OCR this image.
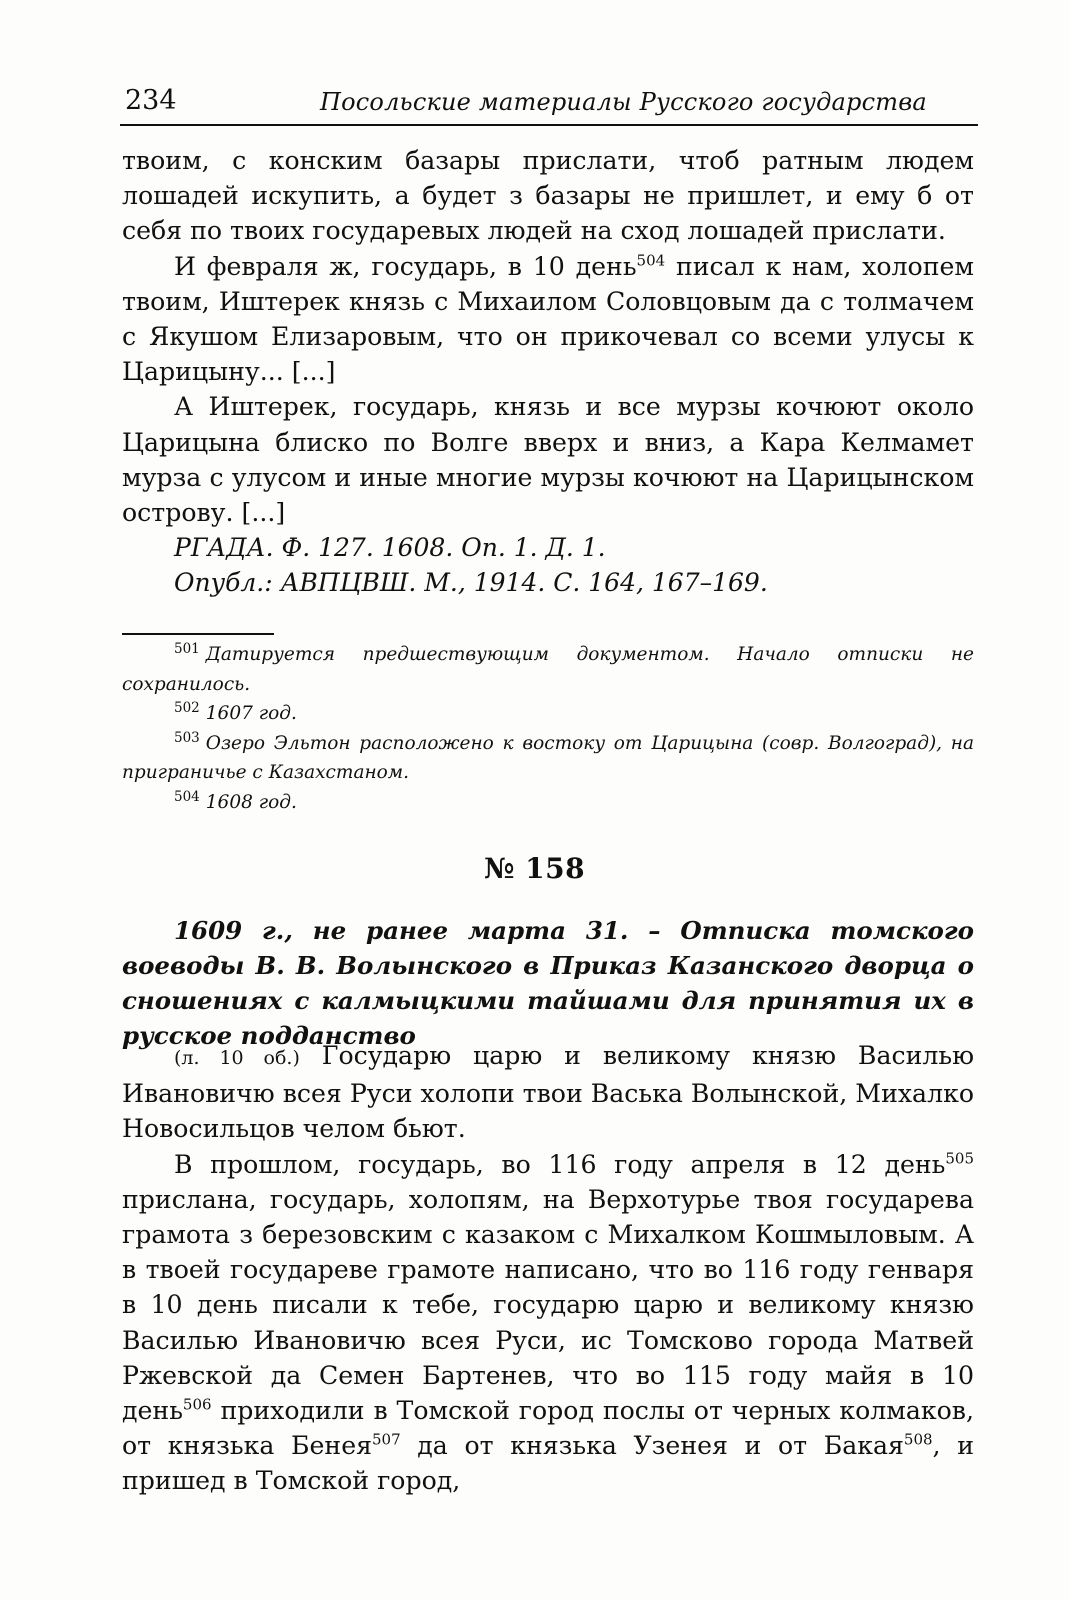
234	Посольские материалы Русского государства

твоим, с конским базары прислати, чтоб ратным людем лошадей искупить, а будет з базары не пришлет, и ему б от себя по твоих государевых людей на сход лошадей прислати.

И февраля ж, государь, в 10 день$^{504}$ писал к нам, холопем твоим, Иштерек князь с Михаилом Соловцовым да с толмачем с Якушом Елизаровым, что он прикочевал со всеми улусы к Царицыну... [...]

А Иштерек, государь, князь и все мурзы кочюют около Царицына блиско по Волге вверх и вниз, а Кара Келмамет мурза с улусом и иные многие мурзы кочюют на Царицынском острову. [...]

РГАДА. Ф. 127. 1608. Оп. 1. Д. 1.

Опубл.: АВПЦВШ. М., 1914. С. 164, 167–169.

$^{501}$ Датируется предшествующим документом. Начало отписки не сохранилось.

$^{502}$ 1607 год.

$^{503}$ Озеро Эльтон расположено к востоку от Царицына (совр. Волгоград), на приграничье с Казахстаном.

$^{504}$ 1608 год.

№ 158

1609 г., не ранее марта 31. – Отписка томского воеводы В. В. Волынского в Приказ Казанского дворца о сношениях с калмыцкими тайшами для принятия их в русское подданство

(л. 10 об.) Государю царю и великому князю Василью Ивановичю всея Руси холопи твои Васька Волынской, Михалко Новосильцов челом бьют.

В прошлом, государь, во 116 году апреля в 12 день$^{505}$ прислана, государь, холопям, на Верхотурье твоя государева грамота з березовским с казаком с Михалком Кошмыловым. А в твоей государеве грамоте написано, что во 116 году генваря в 10 день писали к тебе, государю царю и великому князю Василью Ивановичю всея Руси, ис Томсково города Матвей Ржевской да Семен Бартенев, что во 115 году майя в 10 день$^{506}$ приходили в Томской город послы от черных колмаков, от князька Бенея$^{507}$ да от князька Узенея и от Бакая$^{508}$, и пришед в Томской город,
